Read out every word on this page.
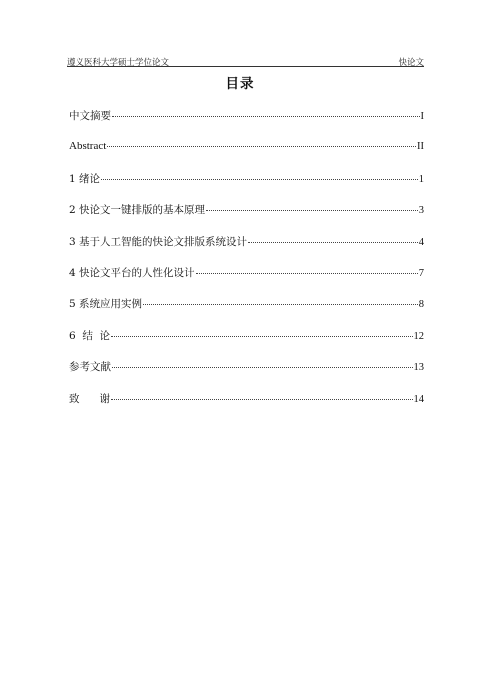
遵义医科大学硕士学位论文	快论文
目录
中文摘要	I
Abstract	II
1 绪论	1
2 快论文一键排版的基本原理	3
3 基于人工智能的快论文排版系统设计	4
4 快论文平台的人性化设计	7
5 系统应用实例	8
6  结  论	12
参考文献	13
致      谢	14
